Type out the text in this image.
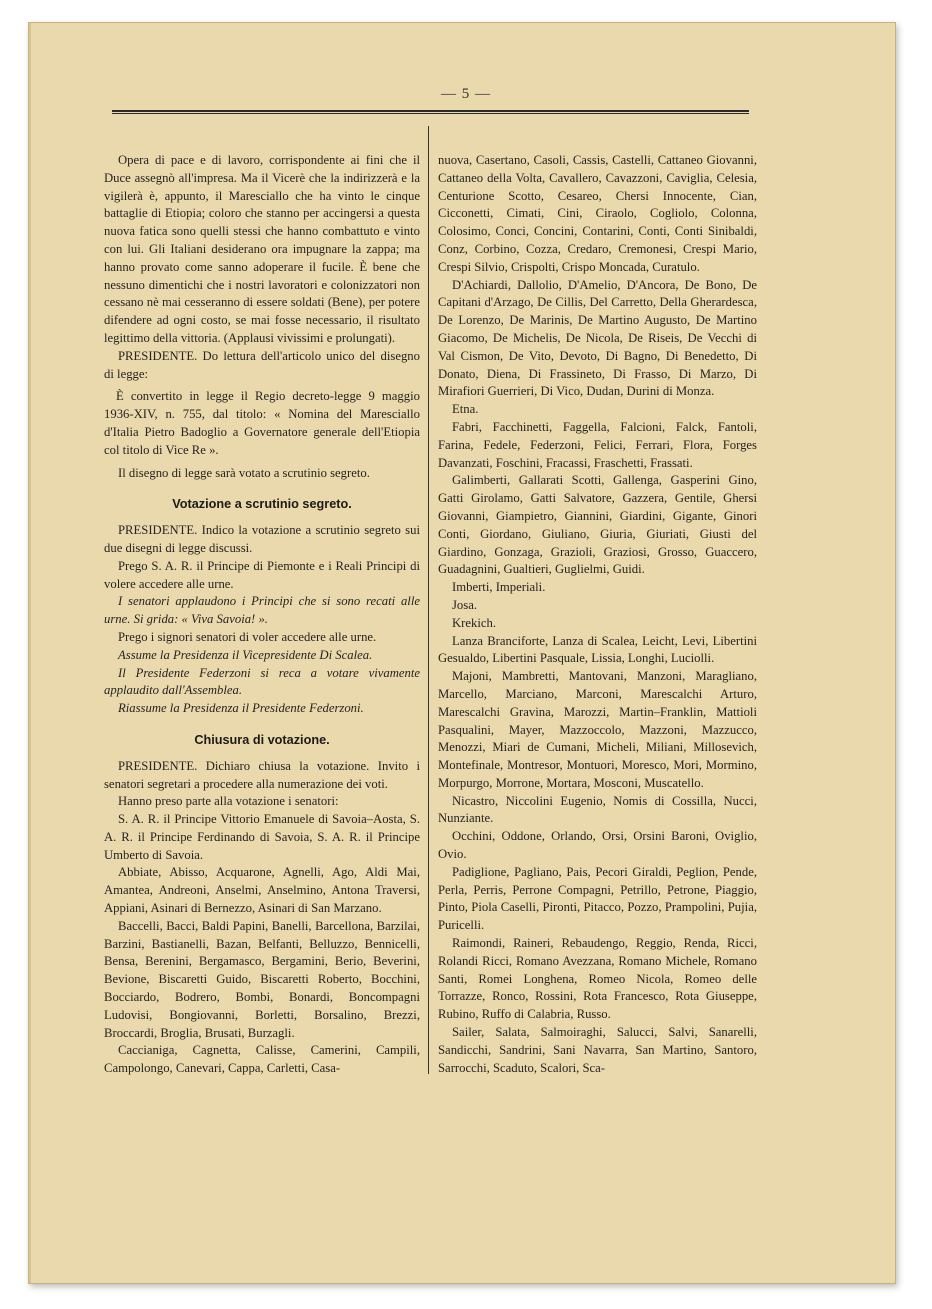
— 5 —

Opera di pace e di lavoro, corrispondente ai fini che il Duce assegnò all'impresa. Ma il Vicerè che la indirizzerà e la vigilerà è, appunto, il Maresciallo che ha vinto le cinque battaglie di Etiopia; coloro che stanno per accingersi a questa nuova fatica sono quelli stessi che hanno combattuto e vinto con lui. Gli Italiani desiderano ora impugnare la zappa; ma hanno provato come sanno adoperare il fucile. È bene che nessuno dimentichi che i nostri lavoratori e colonizzatori non cessano nè mai cesseranno di essere soldati (Bene), per potere difendere ad ogni costo, se mai fosse necessario, il risultato legittimo della vittoria. (Applausi vivissimi e prolungati).

PRESIDENTE. Do lettura dell'articolo unico del disegno di legge:

È convertito in legge il Regio decreto-legge 9 maggio 1936-XIV, n. 755, dal titolo: « Nomina del Maresciallo d'Italia Pietro Badoglio a Governatore generale dell'Etiopia col titolo di Vice Re ».

Il disegno di legge sarà votato a scrutinio segreto.

Votazione a scrutinio segreto.

PRESIDENTE. Indico la votazione a scrutinio segreto sui due disegni di legge discussi.

Prego S. A. R. il Principe di Piemonte e i Reali Principi di volere accedere alle urne.

I senatori applaudono i Principi che si sono recati alle urne. Si grida: « Viva Savoia! ».

Prego i signori senatori di voler accedere alle urne.

Assume la Presidenza il Vicepresidente Di Scalea.

Il Presidente Federzoni si reca a votare vivamente applaudito dall'Assemblea.

Riassume la Presidenza il Presidente Federzoni.

Chiusura di votazione.

PRESIDENTE. Dichiaro chiusa la votazione. Invito i senatori segretari a procedere alla numerazione dei voti.

Hanno preso parte alla votazione i senatori:

S. A. R. il Principe Vittorio Emanuele di Savoia–Aosta, S. A. R. il Principe Ferdinando di Savoia, S. A. R. il Principe Umberto di Savoia.

Abbiate, Abisso, Acquarone, Agnelli, Ago, Aldi Mai, Amantea, Andreoni, Anselmi, Anselmino, Antona Traversi, Appiani, Asinari di Bernezzo, Asinari di San Marzano.

Baccelli, Bacci, Baldi Papini, Banelli, Barcellona, Barzilai, Barzini, Bastianelli, Bazan, Belfanti, Belluzzo, Bennicelli, Bensa, Berenini, Bergamasco, Bergamini, Berio, Beverini, Bevione, Biscaretti Guido, Biscaretti Roberto, Bocchini, Bocciardo, Bodrero, Bombi, Bonardi, Boncompagni Ludovisi, Bongiovanni, Borletti, Borsalino, Brezzi, Broccardi, Broglia, Brusati, Burzagli.

Caccianiga, Cagnetta, Calisse, Camerini, Campili, Campolongo, Canevari, Cappa, Carletti, Casa-

nuova, Casertano, Casoli, Cassis, Castelli, Cattaneo Giovanni, Cattaneo della Volta, Cavallero, Cavazzoni, Caviglia, Celesia, Centurione Scotto, Cesareo, Chersi Innocente, Cian, Cicconetti, Cimati, Cini, Ciraolo, Cogliolo, Colonna, Colosimo, Conci, Concini, Contarini, Conti, Conti Sinibaldi, Conz, Corbino, Cozza, Credaro, Cremonesi, Crespi Mario, Crespi Silvio, Crispolti, Crispo Moncada, Curatulo.

D'Achiardi, Dallolio, D'Amelio, D'Ancora, De Bono, De Capitani d'Arzago, De Cillis, Del Carretto, Della Gherardesca, De Lorenzo, De Marinis, De Martino Augusto, De Martino Giacomo, De Michelis, De Nicola, De Riseis, De Vecchi di Val Cismon, De Vito, Devoto, Di Bagno, Di Benedetto, Di Donato, Diena, Di Frassineto, Di Frasso, Di Marzo, Di Mirafiori Guerrieri, Di Vico, Dudan, Durini di Monza.

Etna.

Fabri, Facchinetti, Faggella, Falcioni, Falck, Fantoli, Farina, Fedele, Federzoni, Felici, Ferrari, Flora, Forges Davanzati, Foschini, Fracassi, Fraschetti, Frassati.

Galimberti, Gallarati Scotti, Gallenga, Gasperini Gino, Gatti Girolamo, Gatti Salvatore, Gazzera, Gentile, Ghersi Giovanni, Giampietro, Giannini, Giardini, Gigante, Ginori Conti, Giordano, Giuliano, Giuria, Giuriati, Giusti del Giardino, Gonzaga, Grazioli, Graziosi, Grosso, Guaccero, Guadagnini, Gualtieri, Guglielmi, Guidi.

Imberti, Imperiali.

Josa.

Krekich.

Lanza Branciforte, Lanza di Scalea, Leicht, Levi, Libertini Gesualdo, Libertini Pasquale, Lissia, Longhi, Luciolli.

Majoni, Mambretti, Mantovani, Manzoni, Maragliano, Marcello, Marciano, Marconi, Marescalchi Arturo, Marescalchi Gravina, Marozzi, Martin–Franklin, Mattioli Pasqualini, Mayer, Mazzoccolo, Mazzoni, Mazzucco, Menozzi, Miari de Cumani, Micheli, Miliani, Millosevich, Montefinale, Montresor, Montuori, Moresco, Mori, Mormino, Morpurgo, Morrone, Mortara, Mosconi, Muscatello.

Nicastro, Niccolini Eugenio, Nomis di Cossilla, Nucci, Nunziante.

Occhini, Oddone, Orlando, Orsi, Orsini Baroni, Oviglio, Ovio.

Padiglione, Pagliano, Pais, Pecori Giraldi, Peglion, Pende, Perla, Perris, Perrone Compagni, Petrillo, Petrone, Piaggio, Pinto, Piola Caselli, Pironti, Pitacco, Pozzo, Prampolini, Pujia, Puricelli.

Raimondi, Raineri, Rebaudengo, Reggio, Renda, Ricci, Rolandi Ricci, Romano Avezzana, Romano Michele, Romano Santi, Romei Longhena, Romeo Nicola, Romeo delle Torrazze, Ronco, Rossini, Rota Francesco, Rota Giuseppe, Rubino, Ruffo di Calabria, Russo.

Sailer, Salata, Salmoiraghi, Salucci, Salvi, Sanarelli, Sandicchi, Sandrini, Sani Navarra, San Martino, Santoro, Sarrocchi, Scaduto, Scalori, Sca-
